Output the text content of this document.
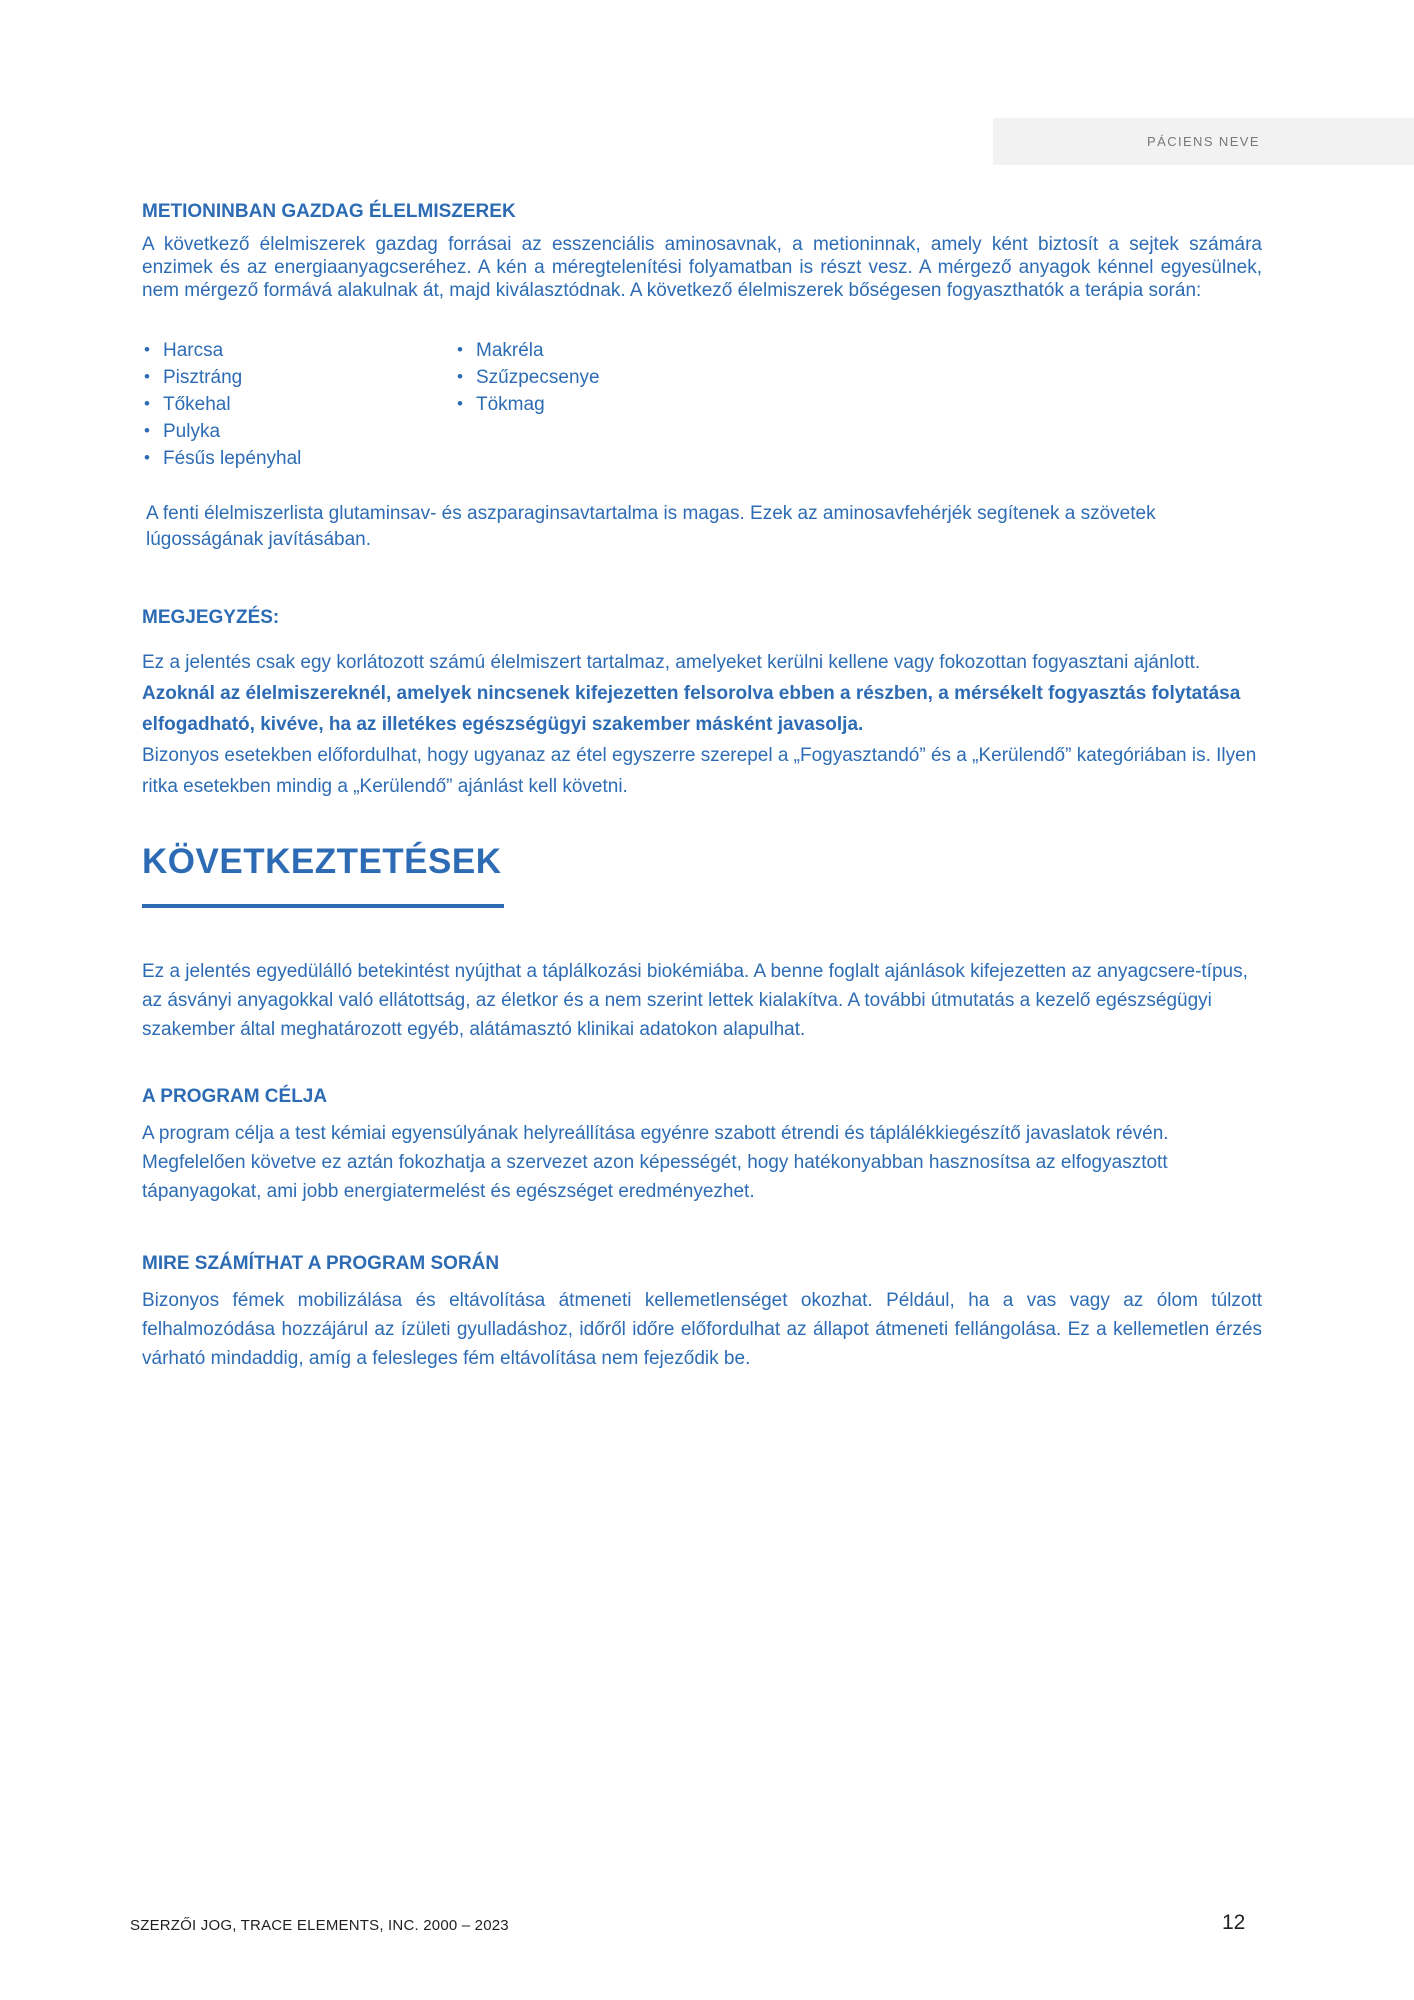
PÁCIENS NEVE
METIONINBAN GAZDAG ÉLELMISZEREK

A következő élelmiszerek gazdag forrásai az esszenciális aminosavnak, a metioninnak, amely ként biztosít a sejtek számára enzimek és az energiaanyagcseréhez. A kén a méregtelenítési folyamatban is részt vesz. A mérgező anyagok kénnel egyesülnek, nem mérgező formává alakulnak át, majd kiválasztódnak. A következő élelmiszerek bőségesen fogyaszthatók a terápia során:

• Harcsa
• Pisztráng
• Tőkehal
• Pulyka
• Fésűs lepényhal
• Makréla
• Szűzpecsenye
• Tökmag

A fenti élelmiszerlista glutaminsav- és aszparaginsavtartalma is magas. Ezek az aminosavfehérjék segítenek a szövetek lúgosságának javításában.

MEGJEGYZÉS:

Ez a jelentés csak egy korlátozott számú élelmiszert tartalmaz, amelyeket kerülni kellene vagy fokozottan fogyasztani ajánlott.

Azoknál az élelmiszereknél, amelyek nincsenek kifejezetten felsorolva ebben a részben, a mérsékelt fogyasztás folytatása elfogadható, kivéve, ha az illetékes egészségügyi szakember másként javasolja.

Bizonyos esetekben előfordulhat, hogy ugyanaz az étel egyszerre szerepel a „Fogyasztandó” és a „Kerülendő” kategóriában is. Ilyen ritka esetekben mindig a „Kerülendő” ajánlást kell követni.

KÖVETKEZTETÉSEK

Ez a jelentés egyedülálló betekintést nyújthat a táplálkozási biokémiába. A benne foglalt ajánlások kifejezetten az anyagcsere-típus, az ásványi anyagokkal való ellátottság, az életkor és a nem szerint lettek kialakítva. A további útmutatás a kezelő egészségügyi szakember által meghatározott egyéb, alátámasztó klinikai adatokon alapulhat.

A PROGRAM CÉLJA

A program célja a test kémiai egyensúlyának helyreállítása egyénre szabott étrendi és táplálékkiegészítő javaslatok révén. Megfelelően követve ez aztán fokozhatja a szervezet azon képességét, hogy hatékonyabban hasznosítsa az elfogyasztott tápanyagokat, ami jobb energiatermelést és egészséget eredményezhet.

MIRE SZÁMÍTHAT A PROGRAM SORÁN

Bizonyos fémek mobilizálása és eltávolítása átmeneti kellemetlenséget okozhat. Például, ha a vas vagy az ólom túlzott felhalmozódása hozzájárul az ízületi gyulladáshoz, időről időre előfordulhat az állapot átmeneti fellángolása. Ez a kellemetlen érzés várható mindaddig, amíg a felesleges fém eltávolítása nem fejeződik be.

SZERZŐI JOG, TRACE ELEMENTS, INC. 2000 – 2023	12
